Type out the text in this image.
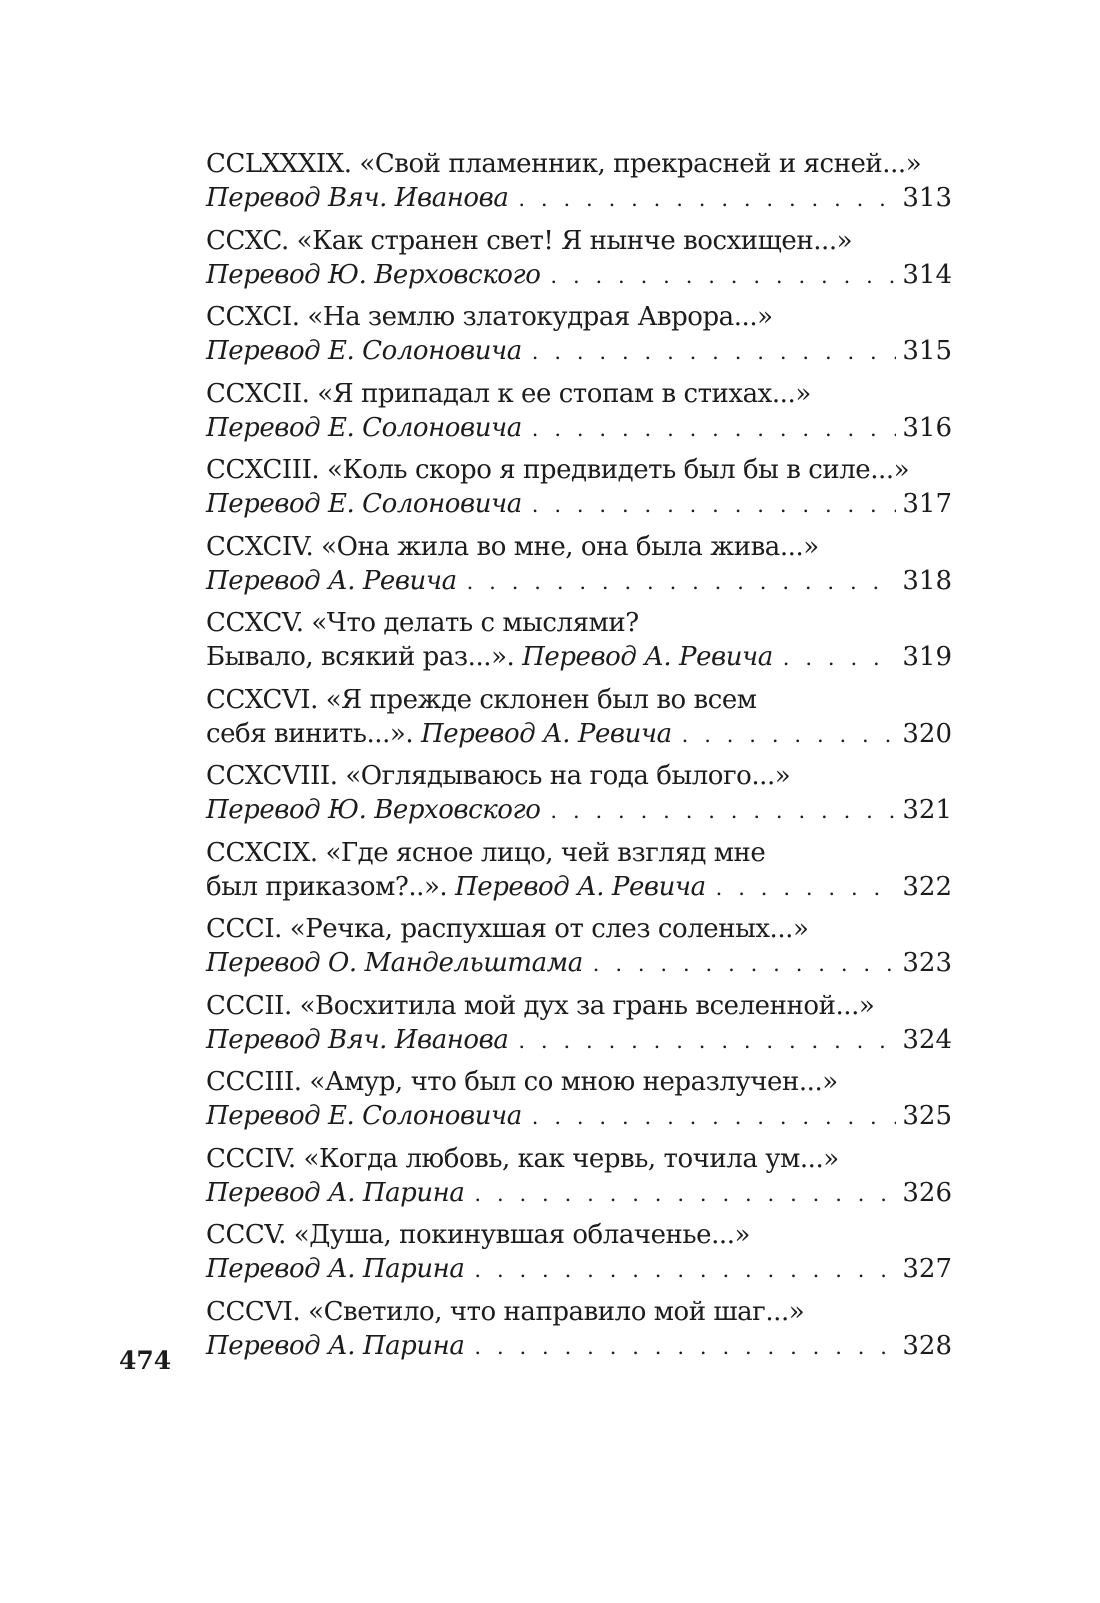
CCLXXXIX. «Свой пламенник, прекрасней и ясней...»
Перевод Вяч. Иванова . . .	313
CCXC. «Как странен свет! Я нынче восхищен...»
Перевод Ю. Верховского . . .	314
CCXCI. «На землю златокудрая Аврора...»
Перевод Е. Солоновича . . .	315
CCXCII. «Я припадал к ее стопам в стихах...»
Перевод Е. Солоновича . . .	316
CCXCIII. «Коль скоро я предвидеть был бы в силе...»
Перевод Е. Солоновича . . .	317
CCXCIV. «Она жила во мне, она была жива...»
Перевод А. Ревича . . .	318
CCXCV. «Что делать с мыслями?
Бывало, всякий раз...». Перевод А. Ревича . . .	319
CCXCVI. «Я прежде склонен был во всем
себя винить...». Перевод А. Ревича . . .	320
CCXCVIII. «Оглядываюсь на года былого...»
Перевод Ю. Верховского . . .	321
CCXCIX. «Где ясное лицо, чей взгляд мне
был приказом?..». Перевод А. Ревича . . .	322
CCCI. «Речка, распухшая от слез соленых...»
Перевод О. Мандельштама . . .	323
CCCII. «Восхитила мой дух за грань вселенной...»
Перевод Вяч. Иванова . . .	324
CCCIII. «Амур, что был со мною неразлучен...»
Перевод Е. Солоновича . . .	325
CCCIV. «Когда любовь, как червь, точила ум...»
Перевод А. Парина . . .	326
CCCV. «Душа, покинувшая облаченье...»
Перевод А. Парина . . .	327
CCCVI. «Светило, что направило мой шаг...»
Перевод А. Парина . . .	328
474
